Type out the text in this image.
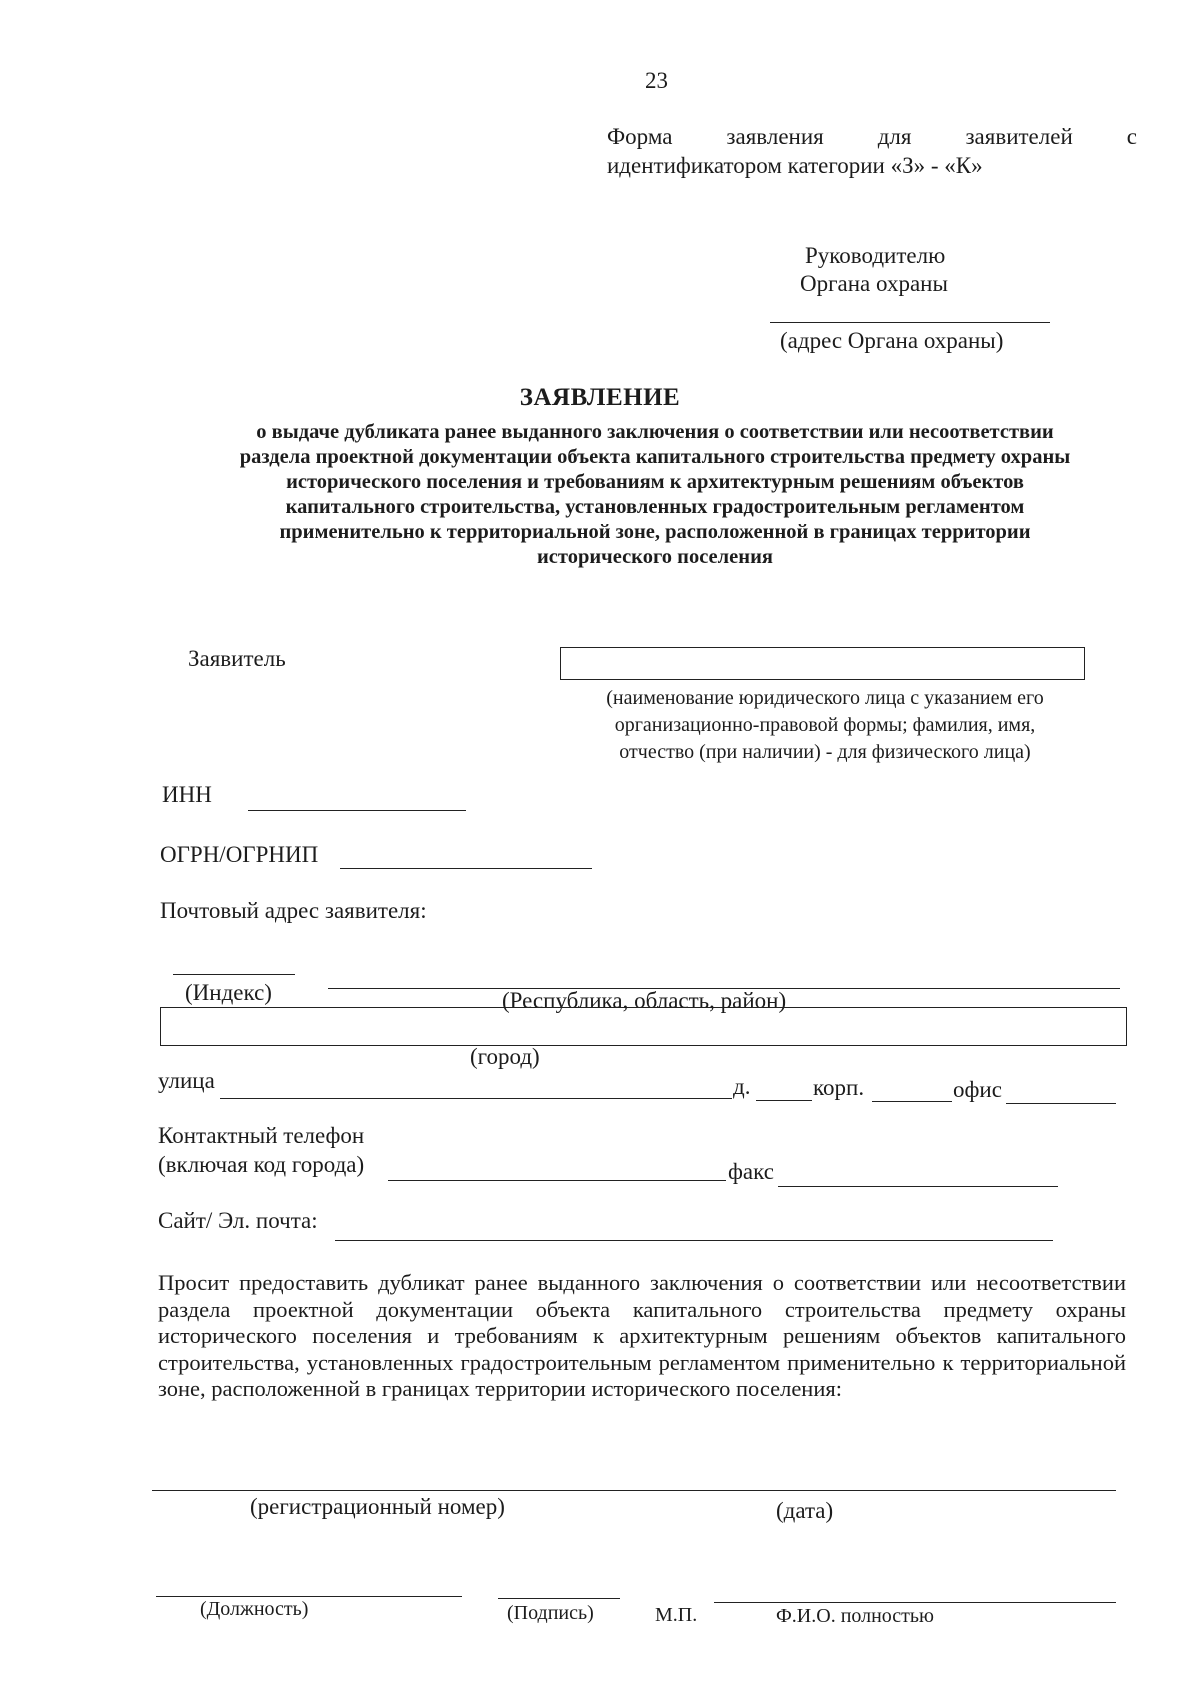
23
Форма заявления для заявителей с
идентификатором категории «З» - «К»
Руководителю
Органа охраны
(адрес Органа охраны)
ЗАЯВЛЕНИЕ
о выдаче дубликата ранее выданного заключения о соответствии или несоответствии
раздела проектной документации объекта капитального строительства предмету охраны
исторического поселения и требованиям к архитектурным решениям объектов
капитального строительства, установленных градостроительным регламентом
применительно к территориальной зоне, расположенной в границах территории
исторического поселения
Заявитель
(наименование юридического лица с указанием его
организационно-правовой формы; фамилия, имя,
отчество (при наличии) - для физического лица)
ИНН
ОГРН/ОГРНИП
Почтовый адрес заявителя:
(Индекс)	(Республика, область, район)
(город)
улица	д.	корп.	офис
Контактный телефон
(включая код города)	факс
Сайт/ Эл. почта:
Просит предоставить дубликат ранее выданного заключения о соответствии или несоответствии раздела проектной документации объекта капитального строительства предмету охраны исторического поселения и требованиям к архитектурным решениям объектов капитального строительства, установленных градостроительным регламентом применительно к территориальной зоне, расположенной в границах территории исторического поселения:
(регистрационный номер)	(дата)
(Должность)	(Подпись)	М.П.	Ф.И.О. полностью
